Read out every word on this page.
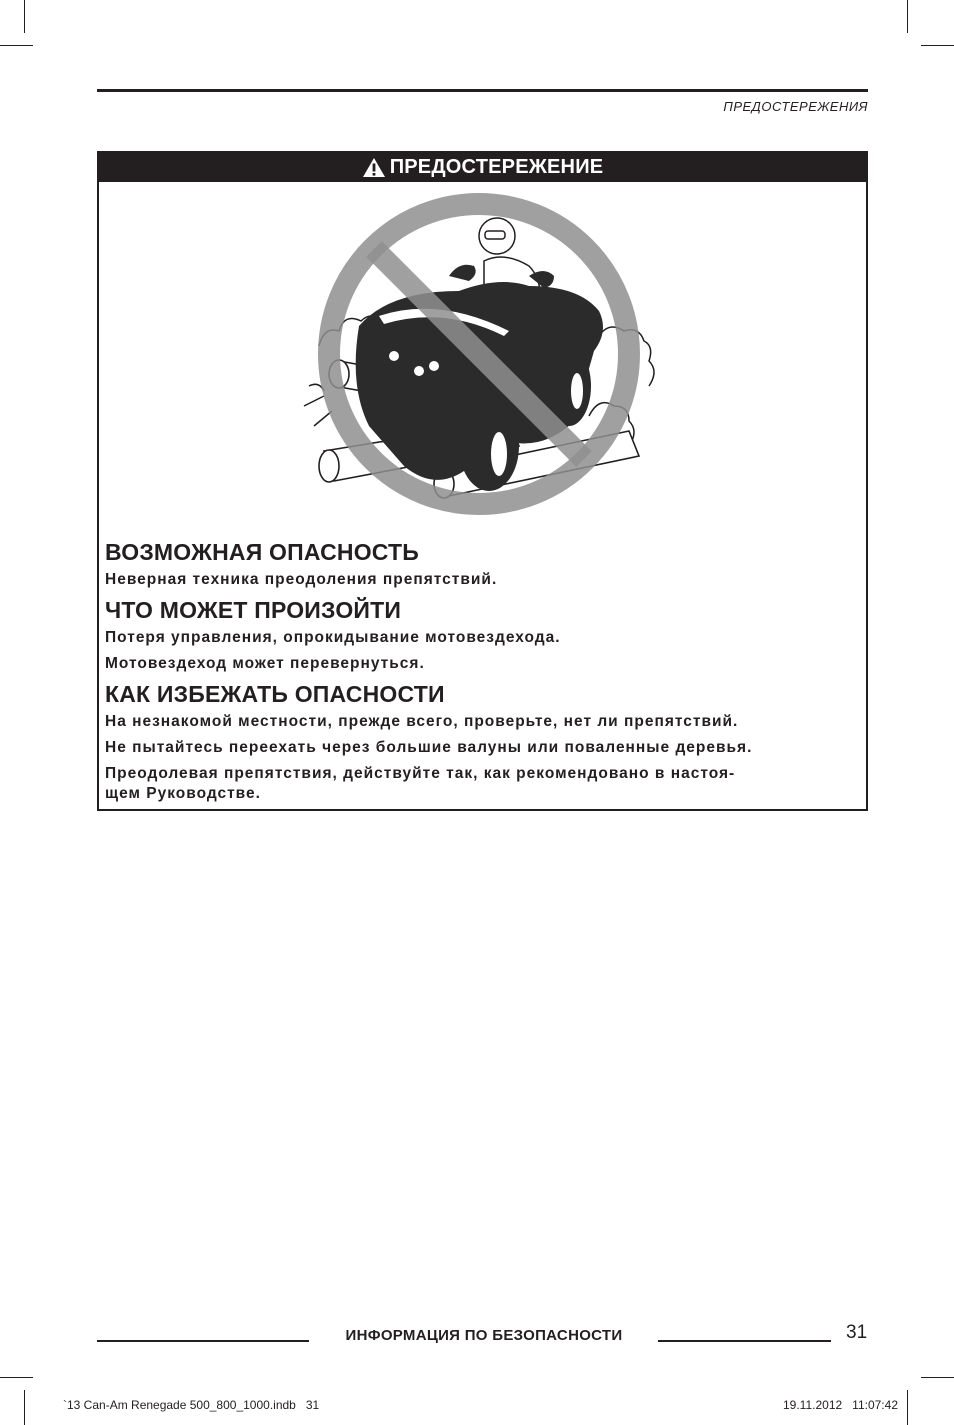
ПРЕДОСТЕРЕЖЕНИЯ
ПРЕДОСТЕРЕЖЕНИЕ
ВОЗМОЖНАЯ ОПАСНОСТЬ

Неверная техника преодоления препятствий.

ЧТО МОЖЕТ ПРОИЗОЙТИ

Потеря управления, опрокидывание мотовездехода.

Мотовездеход может перевернуться.

КАК ИЗБЕЖАТЬ ОПАСНОСТИ

На незнакомой местности, прежде всего, проверьте, нет ли препятствий.

Не пытайтесь переехать через большие валуны или поваленные деревья.

Преодолевая препятствия, действуйте так, как рекомендовано в настоя-

щем Руководстве.

ИНФОРМАЦИЯ ПО БЕЗОПАСНОСТИ	31
`13 Can-Am Renegade 500_800_1000.indb   31	19.11.2012   11:07:42
